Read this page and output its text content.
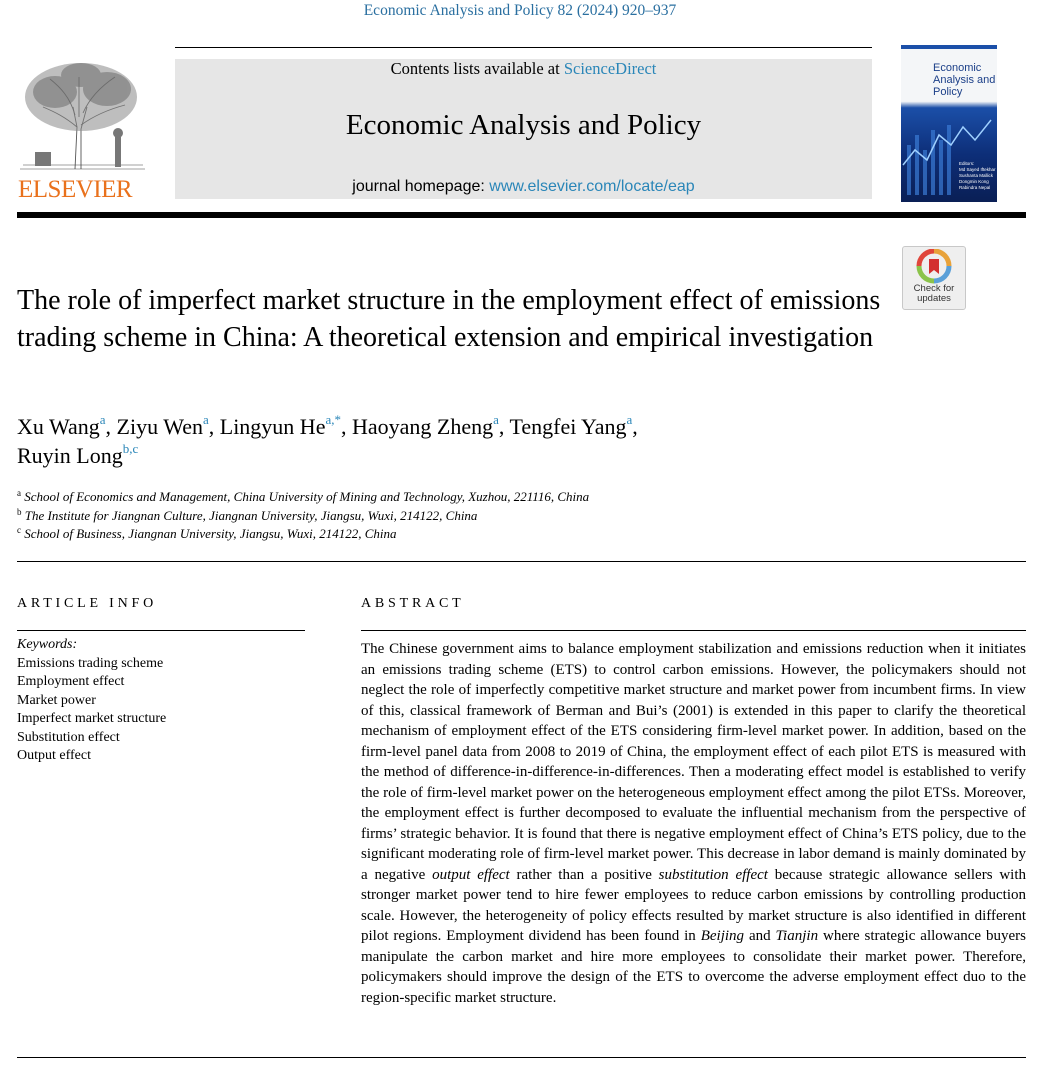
Economic Analysis and Policy 82 (2024) 920–937
ELSEVIER
Contents lists available at ScienceDirect
Economic Analysis and Policy
journal homepage: www.elsevier.com/locate/eap
Economic Analysis and Policy
Editors:
Md Sayed Iftekhar
Sushanta Mallick
Dongmin Kong
Rabindra Nepal
Check for
updates
The role of imperfect market structure in the employment effect of emissions trading scheme in China: A theoretical extension and empirical investigation
Xu Wang$^a$, Ziyu Wen$^a$, Lingyun $He^{a,*}$, Haoyang Zheng$^a$, Tengfei Yang$^a$,
Ruyin Long$^{b,c}$
$^a$ School of Economics and Management, China University of Mining and Technology, Xuzhou, 221116, China
$^b$ The Institute for Jiangnan Culture, Jiangnan University, Jiangsu, Wuxi, 214122, China
$^c$ School of Business, Jiangnan University, Jiangsu, Wuxi, 214122, China
ARTICLE INFO
Keywords:
Emissions trading scheme
Employment effect
Market power
Imperfect market structure
Substitution effect
Output effect
ABSTRACT
The Chinese government aims to balance employment stabilization and emissions reduction when it initiates an emissions trading scheme (ETS) to control carbon emissions. However, the policymakers should not neglect the role of imperfectly competitive market structure and market power from incumbent firms. In view of this, classical framework of Berman and Bui’s (2001) is extended in this paper to clarify the theoretical mechanism of employment effect of the ETS considering firm-level market power. In addition, based on the firm-level panel data from 2008 to 2019 of China, the employment effect of each pilot ETS is measured with the method of difference-in-difference-in-differences. Then a moderating effect model is established to verify the role of firm-level market power on the heterogeneous employment effect among the pilot ETSs. Moreover, the employment effect is further decomposed to evaluate the influential mechanism from the perspective of firms’ strategic behavior. It is found that there is negative employment effect of China’s ETS policy, due to the significant moderating role of firm-level market power. This decrease in labor demand is mainly dominated by a negative output effect rather than a positive substitution effect because strategic allowance sellers with stronger market power tend to hire fewer employees to reduce carbon emissions by controlling production scale. However, the heterogeneity of policy effects resulted by market structure is also identified in different pilot regions. Employment dividend has been found in Beijing and Tianjin where strategic allowance buyers manipulate the carbon market and hire more employees to consolidate their market power. Therefore, policymakers should improve the design of the ETS to overcome the adverse employment effect duo to the region-specific market structure.
